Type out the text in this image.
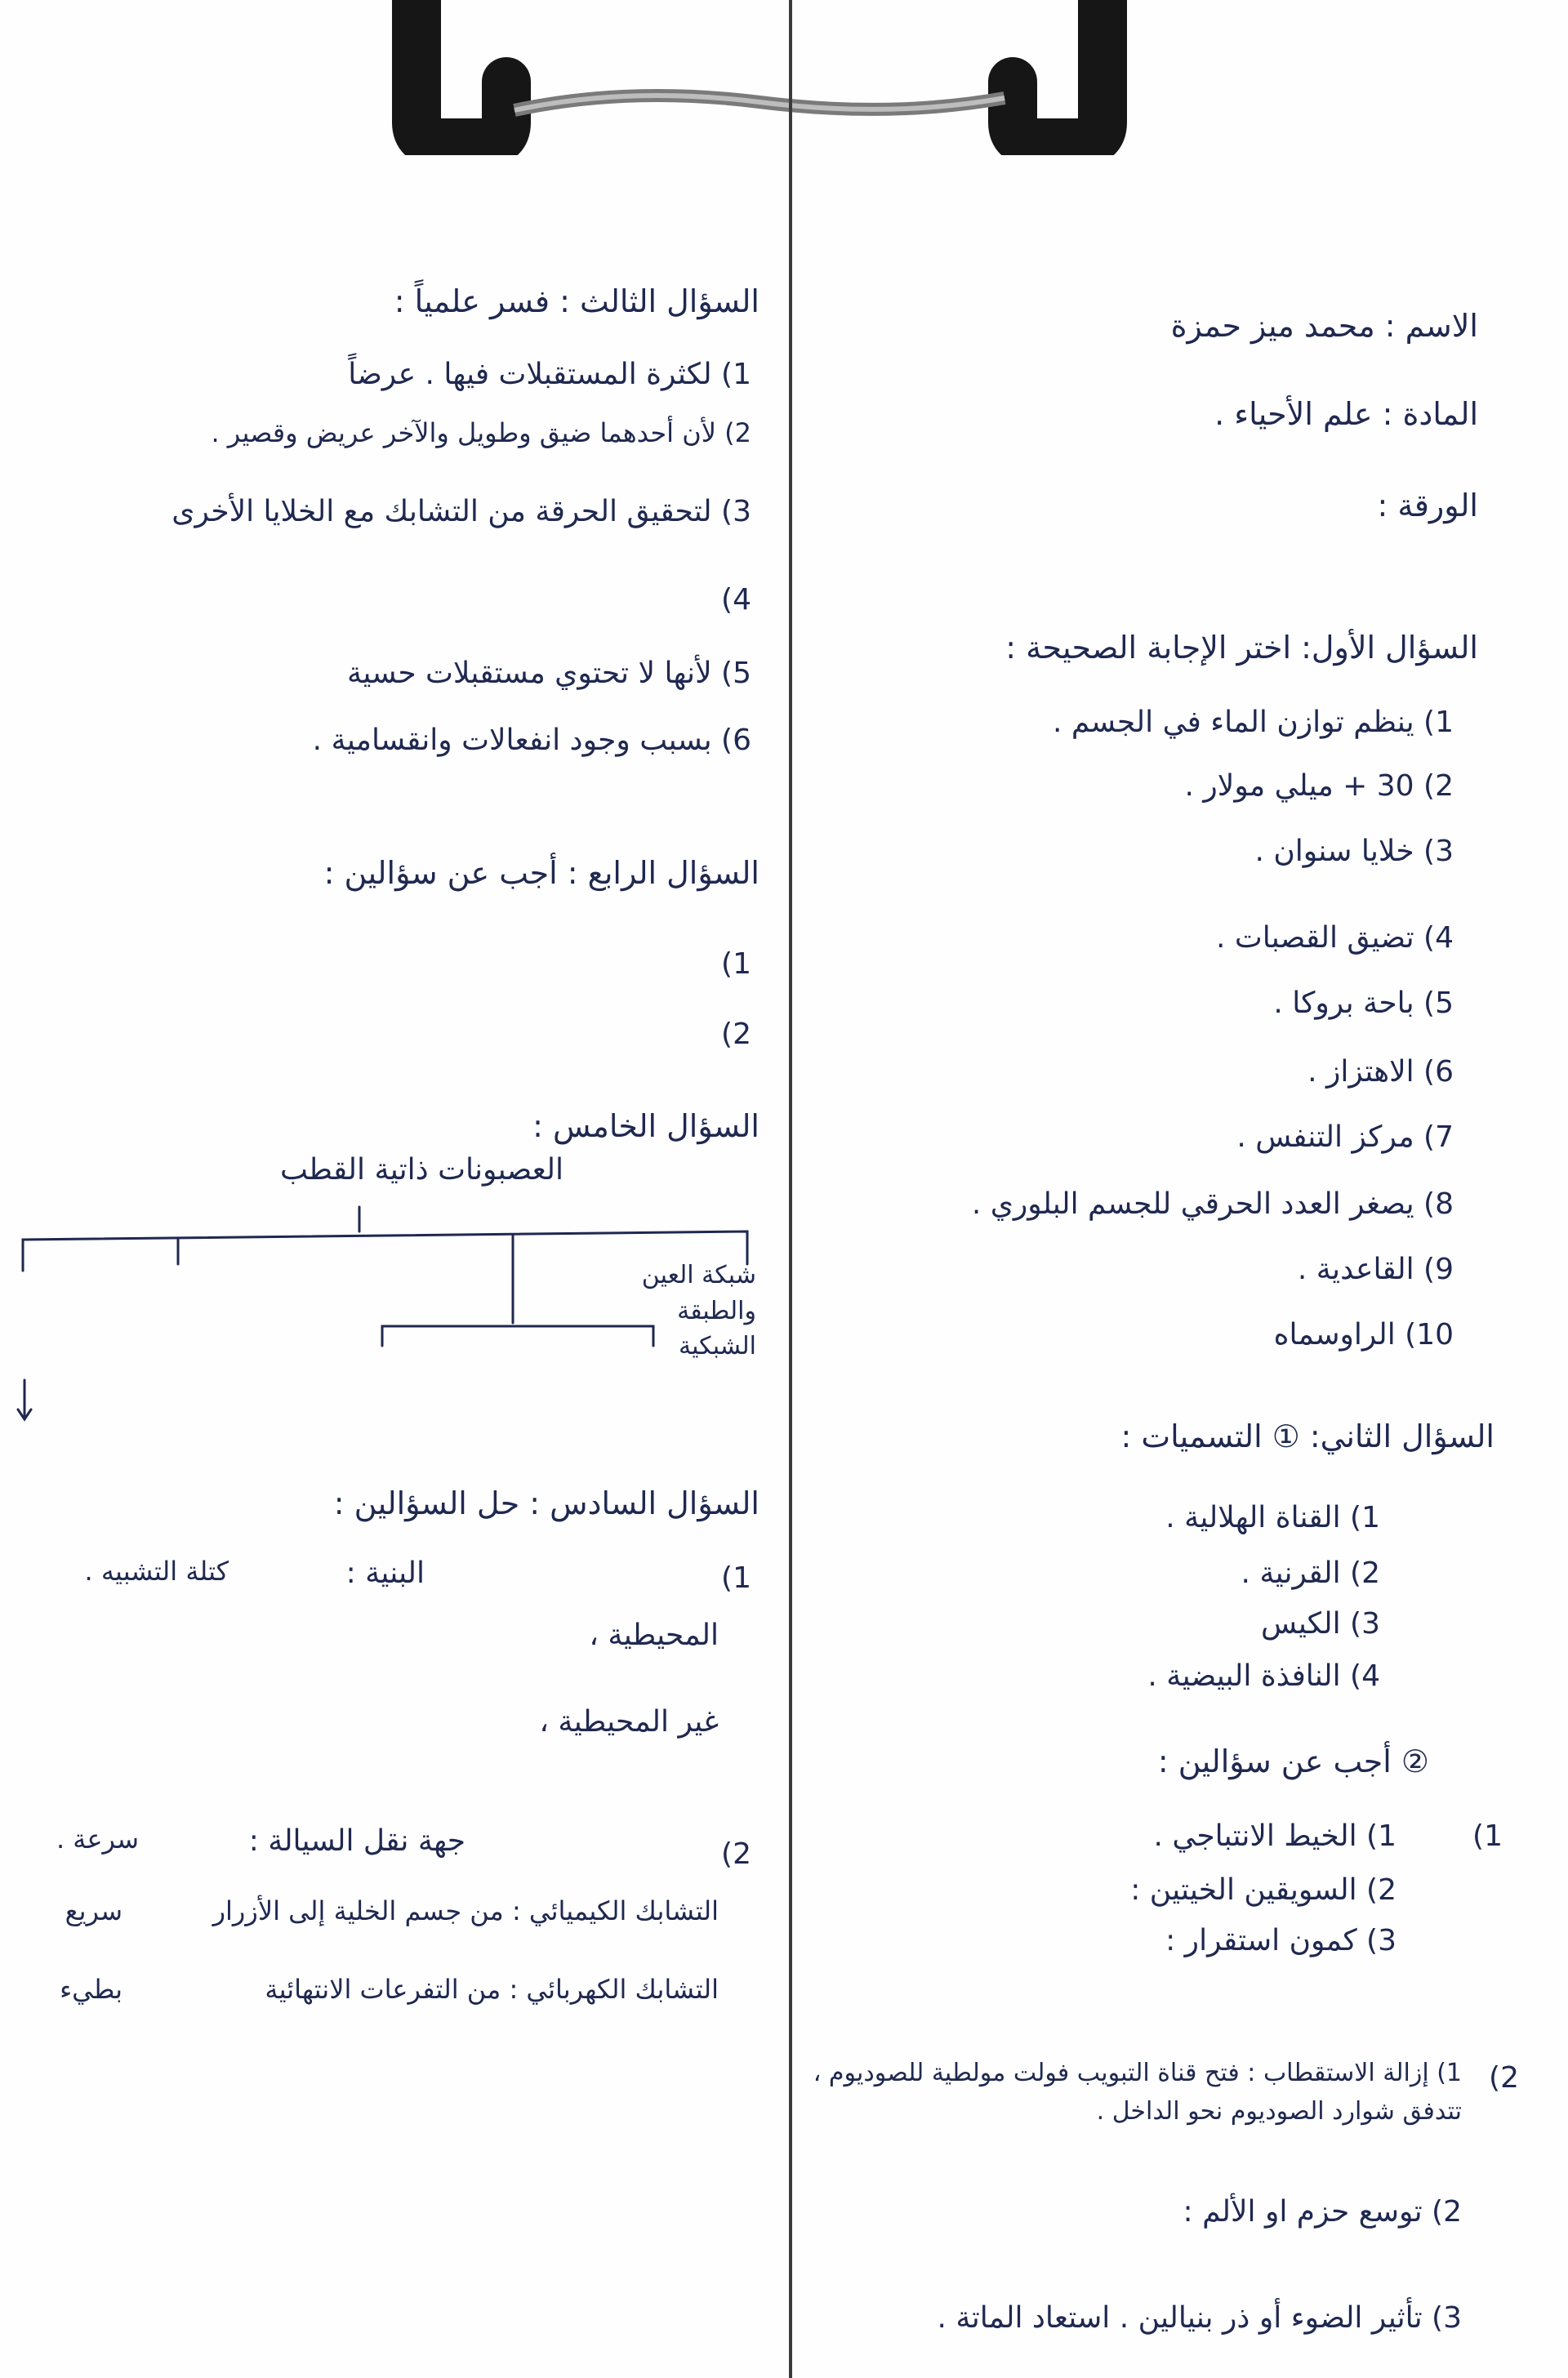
الاسم : محمد ميز حمزة
المادة : علم الأحياء .
الورقة :
السؤال الأول: اختر الإجابة الصحيحة :
1) ينظم توازن الماء في الجسم .
2) 30 + ميلي مولار .
3) خلايا سنوان .
4) تضيق القصبات .
5) باحة بروكا .
6) الاهتزاز .
7) مركز التنفس .
8) يصغر العدد الحرقي للجسم البلوري .
9) القاعدية .
10) الراوسماه
السؤال الثاني: ① التسميات :
1) القناة الهلالية .
2) القرنية .
3) الكيس
4) النافذة البيضية .
② أجب عن سؤالين :
1)
1) الخيط الانتباجي .
2) السويقين الخيتين :
3) كمون استقرار :
2)
1) إزالة الاستقطاب : فتح قناة التبويب فولت مولطية للصوديوم ، تتدفق شوارد الصوديوم نحو الداخل .
2) توسع حزم او الألم :
3) تأثير الضوء أو ذر بنيالين . استعاد الماتة .
السؤال الثالث : فسر علمياً :
1) لكثرة المستقبلات فيها . عرضاً
2) لأن أحدهما ضيق وطويل والآخر عريض وقصير .
3) لتحقيق الحرقة من التشابك مع الخلايا الأخرى
4)
5) لأنها لا تحتوي مستقبلات حسية
6) بسبب وجود انفعالات وانقسامية .
السؤال الرابع : أجب عن سؤالين :
1)
2)
السؤال الخامس :
العصبونات ذاتية القطب
شبكة العين والطبقة الشبكية
السؤال السادس : حل السؤالين :
1)
البنية :
كتلة التشبيه .
المحيطية ،
غير المحيطية ،
2)
جهة نقل السيالة :
سرعة .
التشابك الكيميائي : من جسم الخلية إلى الأزرار
سريع
التشابك الكهربائي : من التفرعات الانتهائية
بطيء
